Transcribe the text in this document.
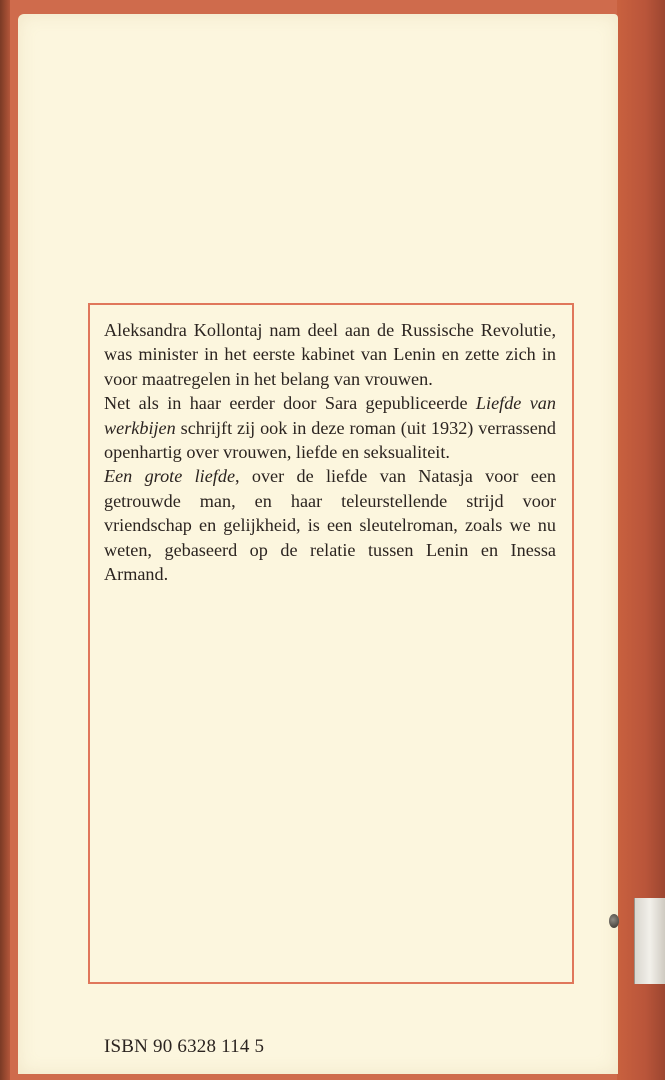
Aleksandra Kollontaj nam deel aan de Russische Revolutie, was minister in het eerste kabinet van Lenin en zette zich in voor maatregelen in het belang van vrouwen.

Net als in haar eerder door Sara gepubliceerde Liefde van werkbijen schrijft zij ook in deze roman (uit 1932) verrassend openhartig over vrouwen, liefde en seksualiteit.

Een grote liefde, over de liefde van Natasja voor een getrouwde man, en haar teleurstellende strijd voor vriendschap en gelijkheid, is een sleutelroman, zoals we nu weten, gebaseerd op de relatie tussen Lenin en Inessa Armand.

ISBN 90 6328 114 5
